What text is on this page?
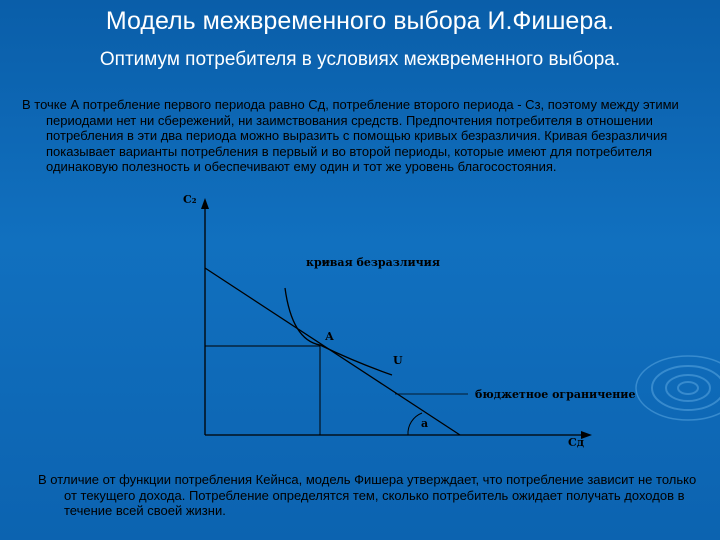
Модель межвременного выбора И.Фишера.
Оптимум потребителя в условиях межвременного выбора.
В точке А потребление первого периода равно Сд, потребление второго периода - Сз, поэтому между этими периодами нет ни сбережений, ни заимствования средств. Предпочтения потребителя в отношении потребления в эти два периода можно выразить с помощью кривых безразличия. Кривая безразличия показывает варианты потребления в первый и во второй периоды, которые имеют для потребителя одинаковую полезность и обеспечивают ему один и тот же уровень благосостояния.
С₂
Сд
А
U
кривая безразличия
бюджетное ограничение
а
В отличие от функции потребления Кейнса, модель Фишера утверждает, что потребление зависит не только от текущего дохода. Потребление определятся тем, сколько потребитель ожидает получать доходов в течение всей своей жизни.
